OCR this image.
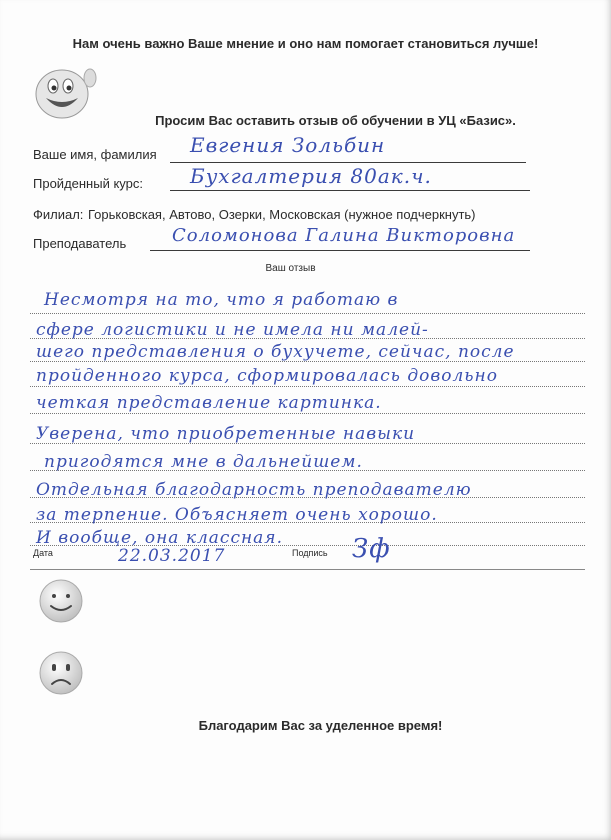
Нам очень важно Ваше мнение и оно нам помогает становиться лучше!
Просим Вас оставить отзыв об обучении в УЦ «Базис».
Ваше имя, фамилия Евгения Зольбин
Пройденный курс: Бухгалтерия 80ак.ч.
Филиал: Горьковская, Автово, Озерки, Московская (нужное подчеркнуть)
Преподаватель	Соломонова Галина Викторовна
Ваш отзыв
Несмотря на то, что я работаю в
сфере логистики и не имела ни малей-
шего представления о бухучете, сейчас, после
пройденного курса, сформировалась довольно
четкая представление картинка.
Уверена, что приобретенные навыки
пригодятся мне в дальнейшем.
Отдельная благодарность преподавателю
за терпение. Объясняет очень хорошо.
И вообще, она классная.
Дата	22.03.2017	Подпись Зф
Благодарим Вас за уделенное время!
